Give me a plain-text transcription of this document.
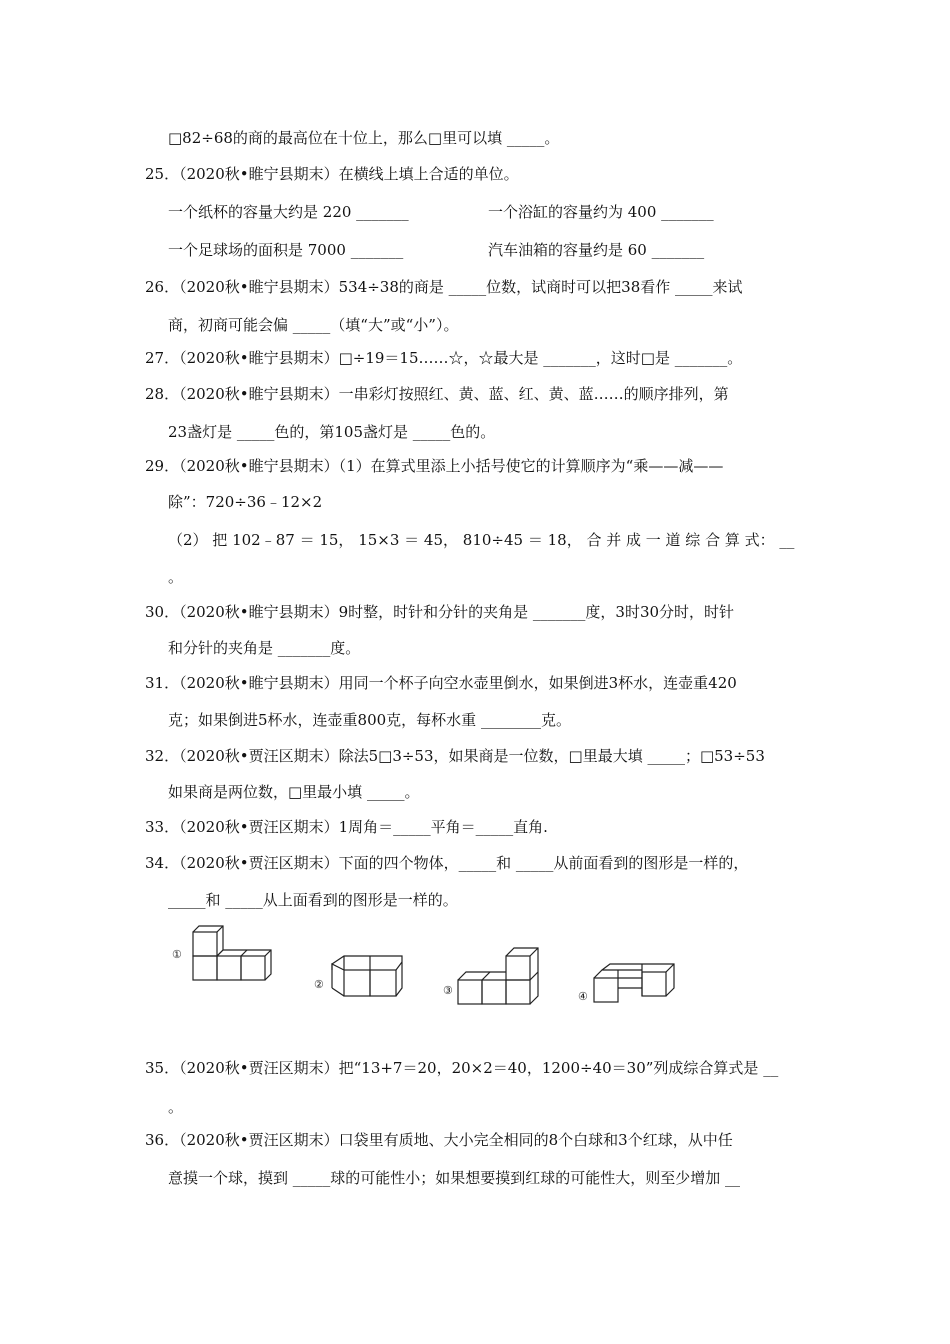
□82÷68的商的最高位在十位上，那么□里可以填 _____。
25．（2020秋•睢宁县期末）在横线上填上合适的单位。
一个纸杯的容量大约是 220 _______	一个浴缸的容量约为 400 _______
一个足球场的面积是 7000 _______	汽车油箱的容量约是 60 _______
26．（2020秋•睢宁县期末）534÷38的商是 _____位数，试商时可以把38看作 _____来试
商，初商可能会偏 _____（填“大”或“小”）。
27．（2020秋•睢宁县期末）□÷19＝15……☆，☆最大是 _______，这时□是 _______。
28．（2020秋•睢宁县期末）一串彩灯按照红、黄、蓝、红、黄、蓝……的顺序排列，第
23盏灯是 _____色的，第105盏灯是 _____色的。
29．（2020秋•睢宁县期末）（1）在算式里添上小括号使它的计算顺序为“乘——减——
除”：720÷36﹣12×2
（2） 把 102﹣87 ＝ 15， 15×3 ＝ 45， 810÷45 ＝ 18， 合 并 成 一 道 综 合 算 式： __
。
30．（2020秋•睢宁县期末）9时整，时针和分针的夹角是 _______度，3时30分时，时针
和分针的夹角是 _______度。
31．（2020秋•睢宁县期末）用同一个杯子向空水壶里倒水，如果倒进3杯水，连壶重420
克；如果倒进5杯水，连壶重800克，每杯水重 ________克。
32．（2020秋•贾汪区期末）除法5□3÷53，如果商是一位数，□里最大填 _____；□53÷53
如果商是两位数，□里最小填 _____。
33．（2020秋•贾汪区期末）1周角＝_____平角＝_____直角.
34．（2020秋•贾汪区期末）下面的四个物体，_____和 _____从前面看到的图形是一样的，
_____和 _____从上面看到的图形是一样的。
①
②	③	④
35．（2020秋•贾汪区期末）把“13+7＝20，20×2＝40，1200÷40＝30”列成综合算式是 __
。
36．（2020秋•贾汪区期末）口袋里有质地、大小完全相同的8个白球和3个红球，从中任
意摸一个球，摸到 _____球的可能性小；如果想要摸到红球的可能性大，则至少增加 __
